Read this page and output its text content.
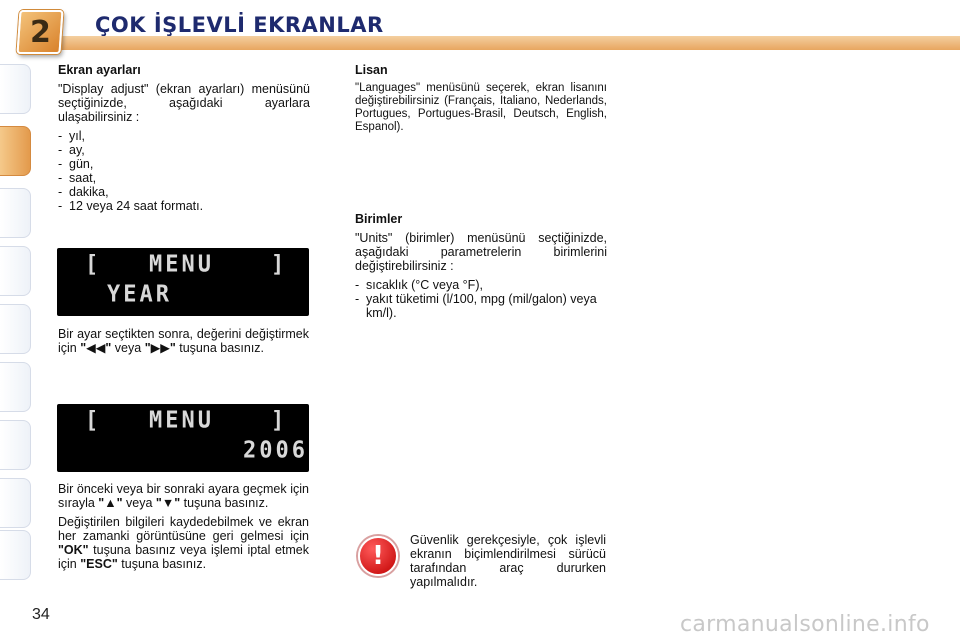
2 ÇOK İŞLEVLİ EKRANLAR
Ekran ayarları
"Display adjust" (ekran ayarları) menüsünü seçtiğinizde, aşağıdaki ayarlara ulaşabilirsiniz :
- yıl,
- ay,
- gün,
- saat,
- dakika,
- 12 veya 24 saat formatı.
[ MENU	]
YEAR
Bir ayar seçtikten sonra, değerini değiştirmek için "◀◀" veya "▶▶" tuşuna basınız.
[ MENU	]
2006
Bir önceki veya bir sonraki ayara geçmek için sırayla "▲" veya "▼" tuşuna basınız.
Değiştirilen bilgileri kaydedebilmek ve ekran her zamanki görüntüsüne geri gelmesi için "OK" tuşuna basınız veya işlemi iptal etmek için "ESC" tuşuna basınız.
Lisan
"Languages" menüsünü seçerek, ekran lisanını değiştirebilirsiniz (Français, Italiano, Nederlands, Portugues, Portugues-Brasil, Deutsch, English, Espanol).
Birimler
"Units" (birimler) menüsünü seçtiğinizde, aşağıdaki parametrelerin birimlerini değiştirebilirsiniz :
- sıcaklık (°C veya °F),
- yakıt tüketimi (l/100, mpg (mil/galon) veya km/l).
!
Güvenlik gerekçesiyle, çok işlevli ekranın biçimlendirilmesi sürücü tarafından araç dururken yapılmalıdır.
34	carmanualsonline.info
